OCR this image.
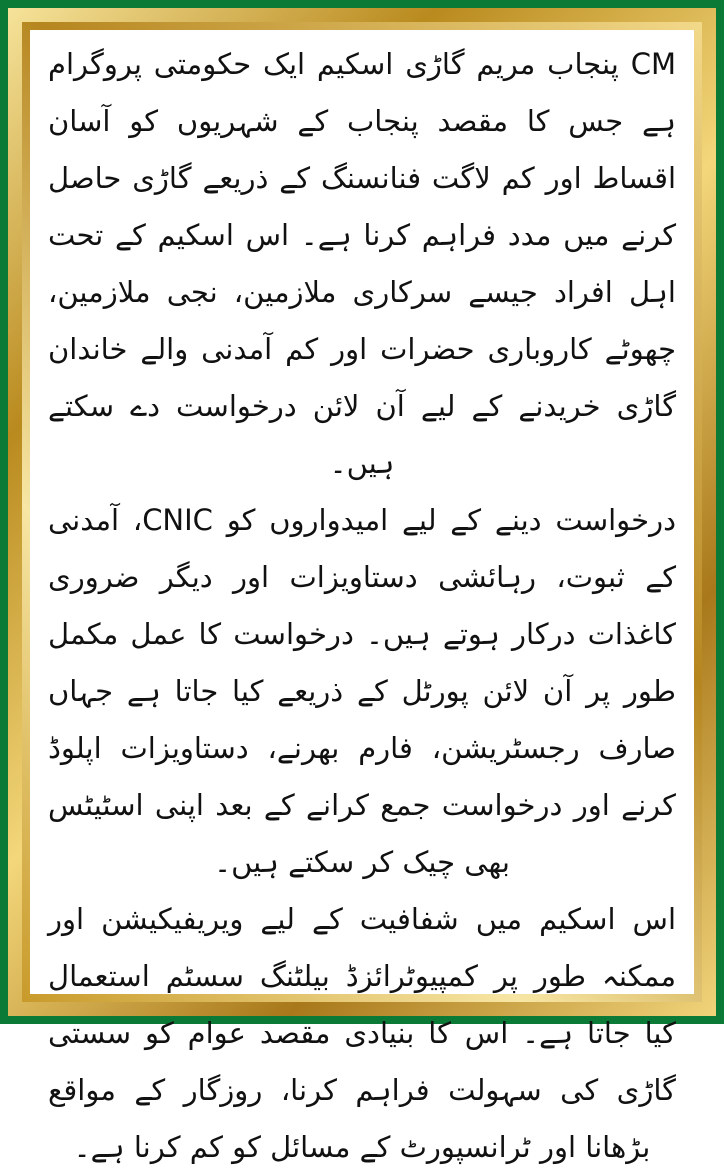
CM پنجاب مریم گاڑی اسکیم ایک حکومتی پروگرام ہے جس کا مقصد پنجاب کے شہریوں کو آسان اقساط اور کم لاگت فنانسنگ کے ذریعے گاڑی حاصل کرنے میں مدد فراہم کرنا ہے۔ اس اسکیم کے تحت اہل افراد جیسے سرکاری ملازمین، نجی ملازمین، چھوٹے کاروباری حضرات اور کم آمدنی والے خاندان گاڑی خریدنے کے لیے آن لائن درخواست دے سکتے ہیں۔

درخواست دینے کے لیے امیدواروں کو CNIC، آمدنی کے ثبوت، رہائشی دستاویزات اور دیگر ضروری کاغذات درکار ہوتے ہیں۔ درخواست کا عمل مکمل طور پر آن لائن پورٹل کے ذریعے کیا جاتا ہے جہاں صارف رجسٹریشن، فارم بھرنے، دستاویزات اپلوڈ کرنے اور درخواست جمع کرانے کے بعد اپنی اسٹیٹس بھی چیک کر سکتے ہیں۔

اس اسکیم میں شفافیت کے لیے ویریفیکیشن اور ممکنہ طور پر کمپیوٹرائزڈ بیلٹنگ سسٹم استعمال کیا جاتا ہے۔ اس کا بنیادی مقصد عوام کو سستی گاڑی کی سہولت فراہم کرنا، روزگار کے مواقع بڑھانا اور ٹرانسپورٹ کے مسائل کو کم کرنا ہے۔
